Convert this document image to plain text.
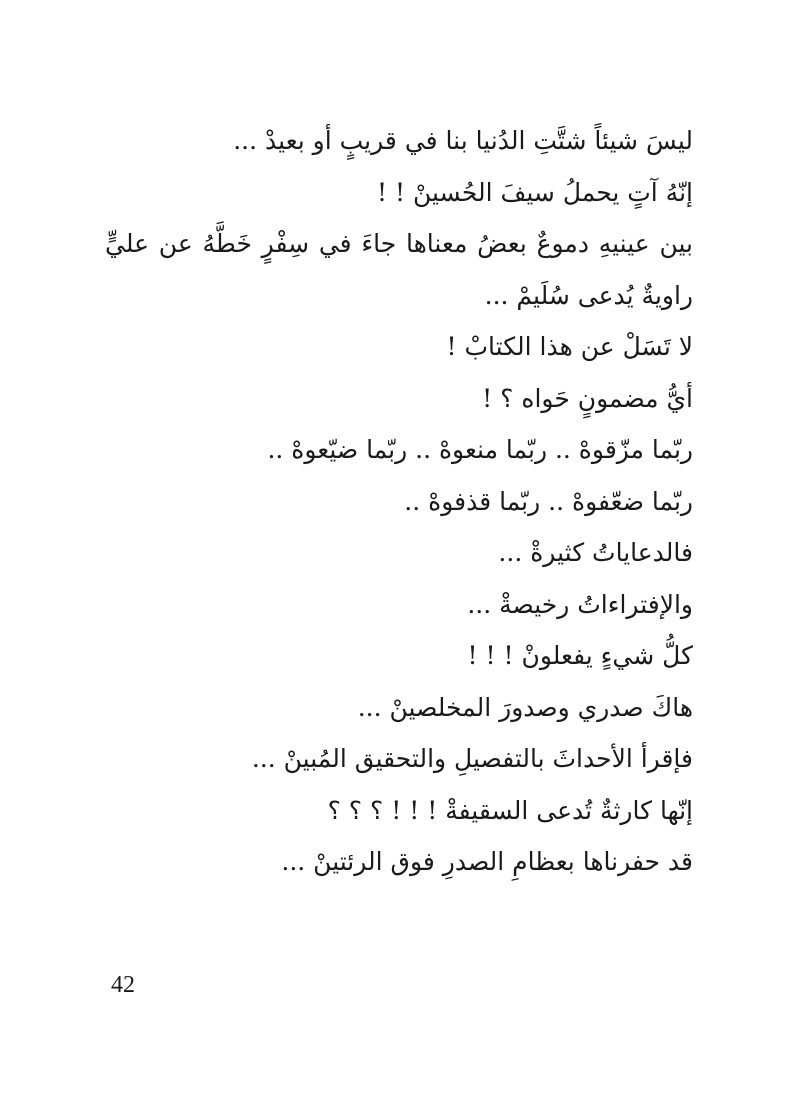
ليسَ شيئاً شتَّتِ الدُنيا بنا في قريبٍ أو بعيدْ ...
إنّهُ آتٍ يحملُ سيفَ الحُسينْ ! !
بين عينيهِ دموعٌ بعضُ معناها جاءَ في سِفْرٍ خَطَّهُ عن عليٍّ
راويةٌ يُدعى سُلَيمْ ...
لا تَسَلْ عن هذا الكتابْ !
أيُّ مضمونٍ حَواه ؟ !
ربّما مزّقوهْ .. ربّما منعوهْ .. ربّما ضيّعوهْ ..
ربّما ضعّفوهْ .. ربّما قذفوهْ ..
فالدعاياتُ كثيرةْ ...
والإفتراءاتُ رخيصةْ ...
كلُّ شيءٍ يفعلونْ ! ! !
هاكَ صدري وصدورَ المخلصينْ ...
فإقرأ الأحداثَ بالتفصيلِ والتحقيق المُبينْ ...
إنّها كارثةٌ تُدعى السقيفةْ ! ! ! ؟ ؟ ؟
قد حفرناها بعظامِ الصدرِ فوق الرئتينْ ...
42
